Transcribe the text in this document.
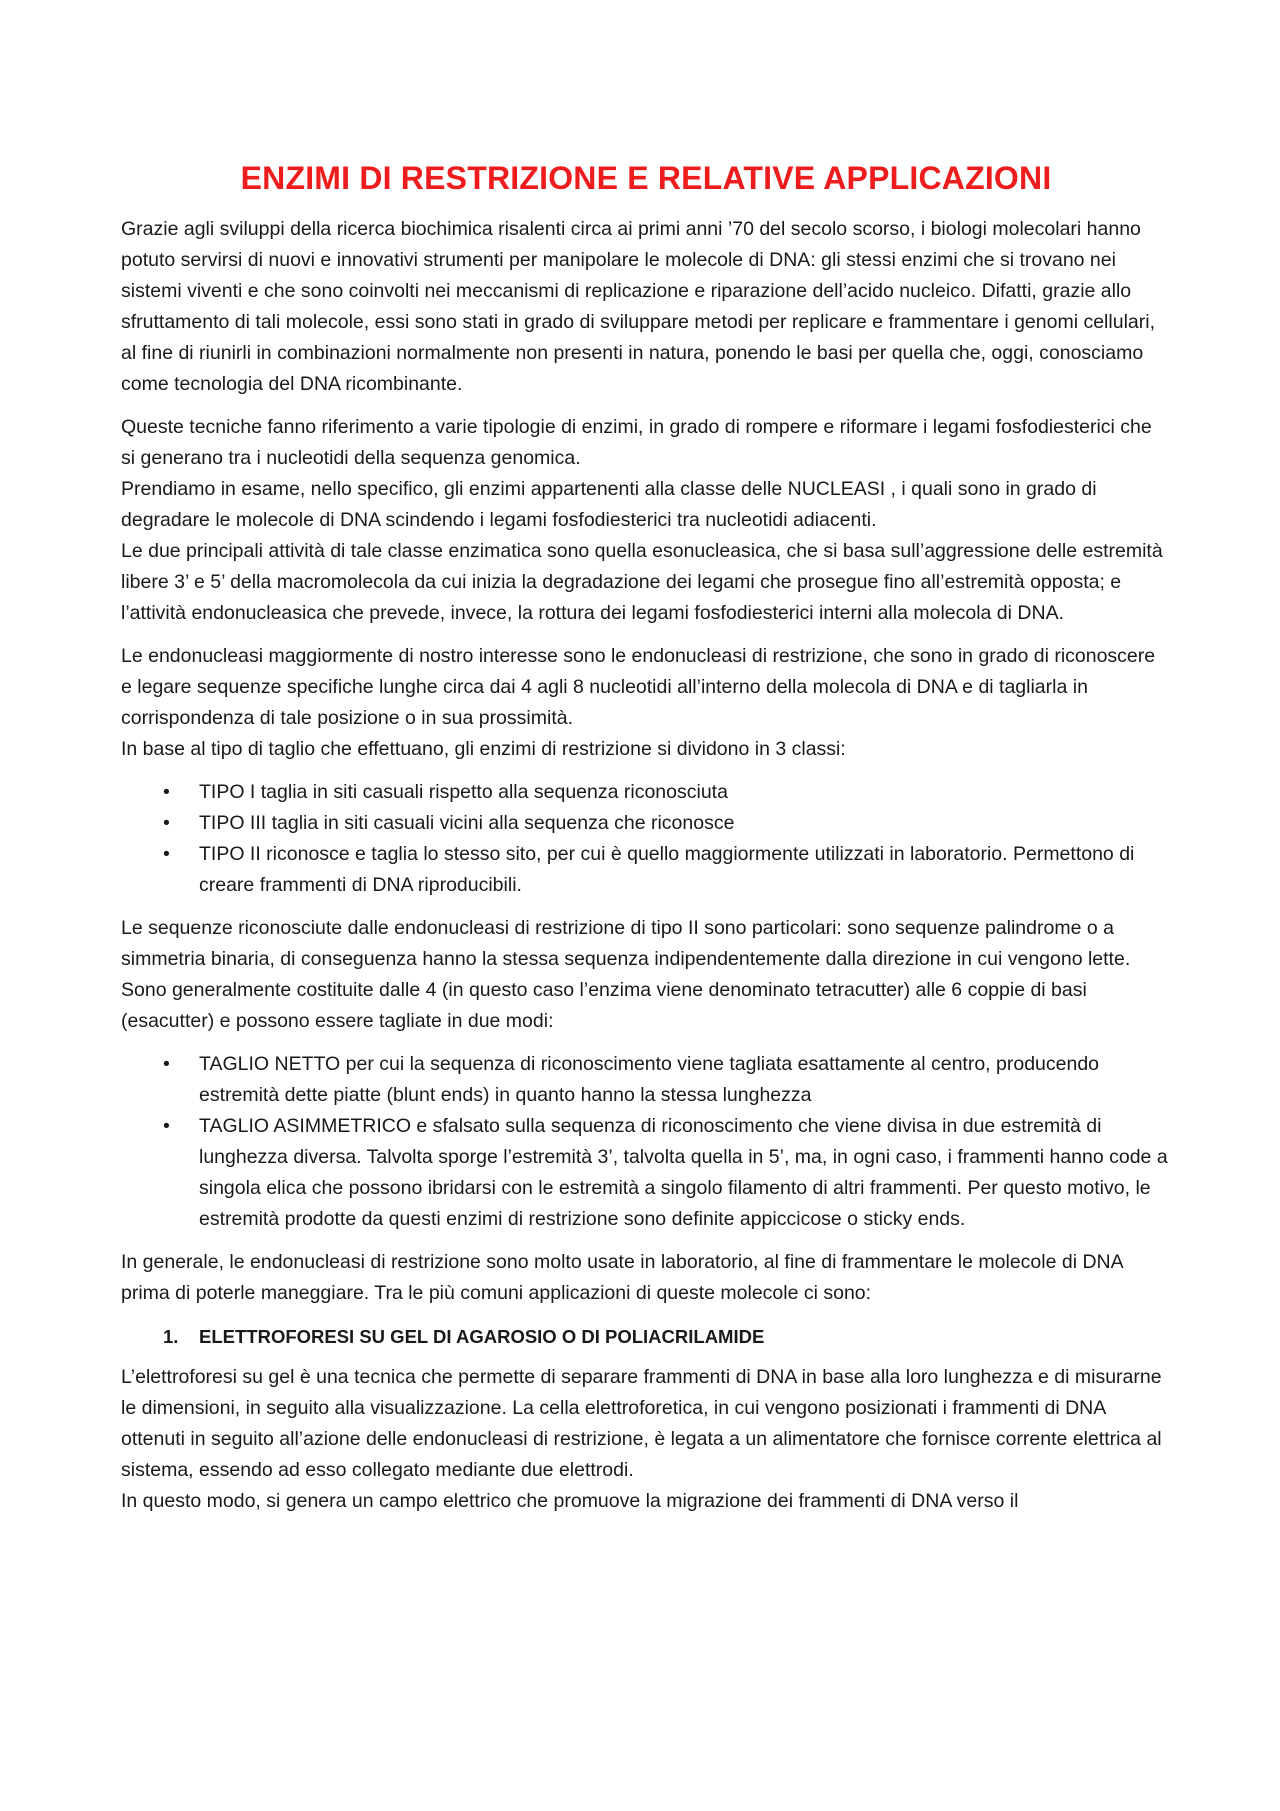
ENZIMI DI RESTRIZIONE E RELATIVE APPLICAZIONI

Grazie agli sviluppi della ricerca biochimica risalenti circa ai primi anni ’70 del secolo scorso, i biologi molecolari hanno potuto servirsi di nuovi e innovativi strumenti per manipolare le molecole di DNA: gli stessi enzimi che si trovano nei sistemi viventi e che sono coinvolti nei meccanismi di replicazione e riparazione dell’acido nucleico. Difatti, grazie allo sfruttamento di tali molecole, essi sono stati in grado di sviluppare metodi per replicare e frammentare i genomi cellulari, al fine di riunirli in combinazioni normalmente non presenti in natura, ponendo le basi per quella che, oggi, conosciamo come tecnologia del DNA ricombinante.

Queste tecniche fanno riferimento a varie tipologie di enzimi, in grado di rompere e riformare i legami fosfodiesterici che si generano tra i nucleotidi della sequenza genomica.
Prendiamo in esame, nello specifico, gli enzimi appartenenti alla classe delle NUCLEASI , i quali sono in grado di degradare le molecole di DNA scindendo i legami fosfodiesterici tra nucleotidi adiacenti.
Le due principali attività di tale classe enzimatica sono quella esonucleasica, che si basa sull’aggressione delle estremità libere 3’ e 5’ della macromolecola da cui inizia la degradazione dei legami che prosegue fino all’estremità opposta; e l’attività endonucleasica che prevede, invece, la rottura dei legami fosfodiesterici interni alla molecola di DNA.

Le endonucleasi maggiormente di nostro interesse sono le endonucleasi di restrizione, che sono in grado di riconoscere e legare sequenze specifiche lunghe circa dai 4 agli 8 nucleotidi all’interno della molecola di DNA e di tagliarla in corrispondenza di tale posizione o in sua prossimità.
In base al tipo di taglio che effettuano, gli enzimi di restrizione si dividono in 3 classi:

• TIPO I taglia in siti casuali rispetto alla sequenza riconosciuta
• TIPO III taglia in siti casuali vicini alla sequenza che riconosce
• TIPO II riconosce e taglia lo stesso sito, per cui è quello maggiormente utilizzati in laboratorio. Permettono di creare frammenti di DNA riproducibili.

Le sequenze riconosciute dalle endonucleasi di restrizione di tipo II sono particolari: sono sequenze palindrome o a simmetria binaria, di conseguenza hanno la stessa sequenza indipendentemente dalla direzione in cui vengono lette. Sono generalmente costituite dalle 4 (in questo caso l’enzima viene denominato tetracutter) alle 6 coppie di basi (esacutter) e possono essere tagliate in due modi:

• TAGLIO NETTO per cui la sequenza di riconoscimento viene tagliata esattamente al centro, producendo estremità dette piatte (blunt ends) in quanto hanno la stessa lunghezza
• TAGLIO ASIMMETRICO e sfalsato sulla sequenza di riconoscimento che viene divisa in due estremità di lunghezza diversa. Talvolta sporge l’estremità 3’, talvolta quella in 5’, ma, in ogni caso, i frammenti hanno code a singola elica che possono ibridarsi con le estremità a singolo filamento di altri frammenti. Per questo motivo, le estremità prodotte da questi enzimi di restrizione sono definite appiccicose o sticky ends.

In generale, le endonucleasi di restrizione sono molto usate in laboratorio, al fine di frammentare le molecole di DNA prima di poterle maneggiare. Tra le più comuni applicazioni di queste molecole ci sono:

1. ELETTROFORESI SU GEL DI AGAROSIO O DI POLIACRILAMIDE

L’elettroforesi su gel è una tecnica che permette di separare frammenti di DNA in base alla loro lunghezza e di misurarne le dimensioni, in seguito alla visualizzazione. La cella elettroforetica, in cui vengono posizionati i frammenti di DNA ottenuti in seguito all’azione delle endonucleasi di restrizione, è legata a un alimentatore che fornisce corrente elettrica al sistema, essendo ad esso collegato mediante due elettrodi.
In questo modo, si genera un campo elettrico che promuove la migrazione dei frammenti di DNA verso il
